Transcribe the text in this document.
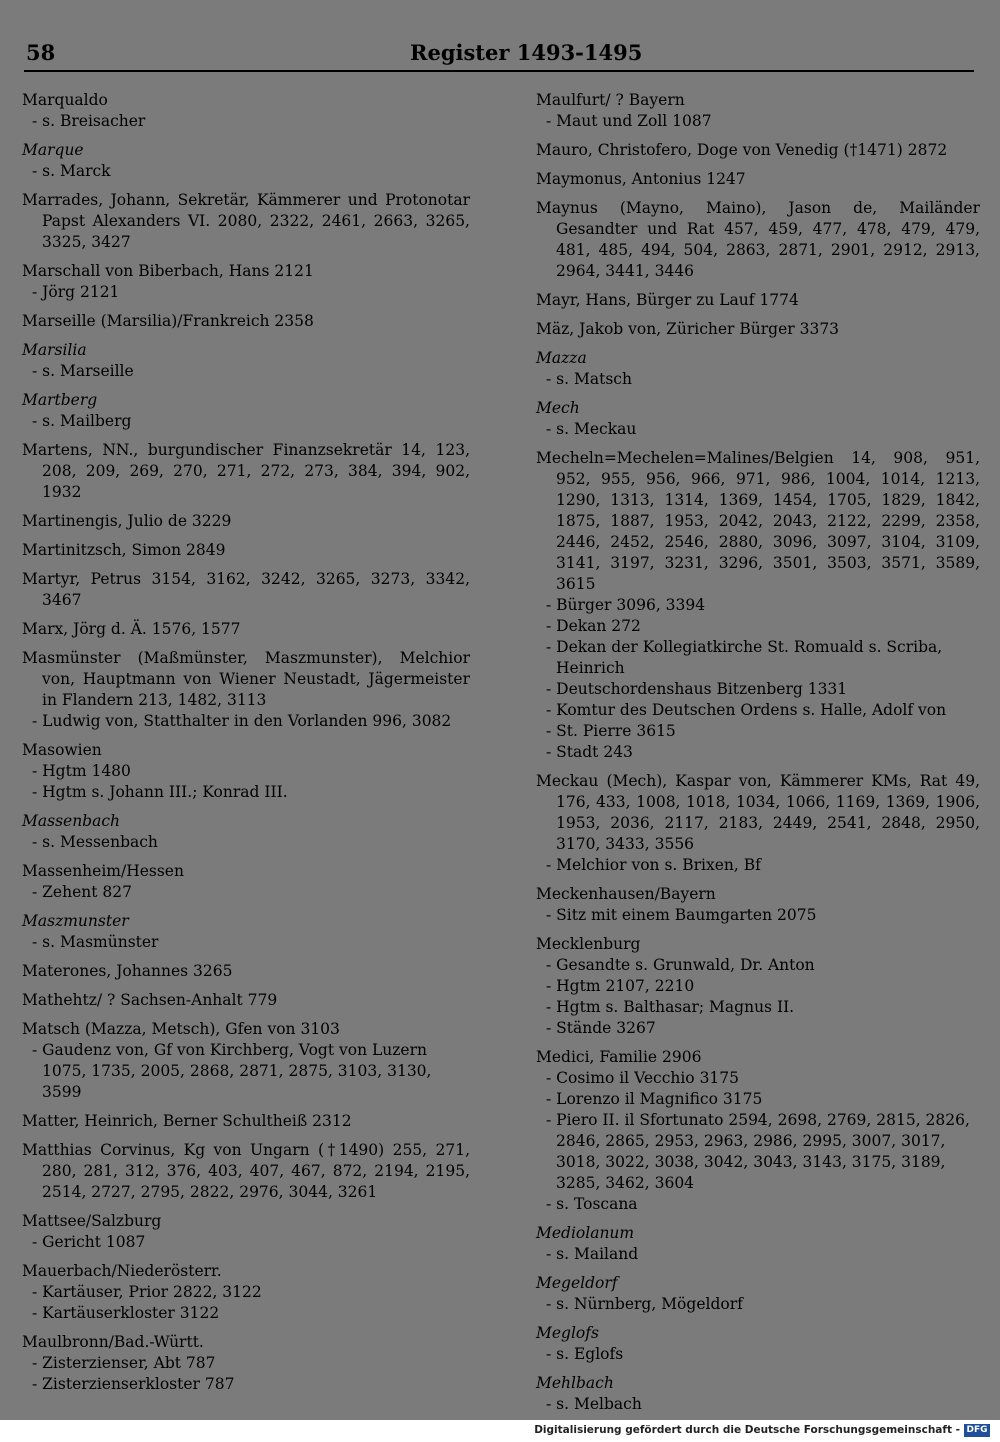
58	Register 1493-1495
Marqualdo
- s. Breisacher
Marque
- s. Marck
Marrades, Johann, Sekretär, Kämmerer und Protonotar Papst Alexanders VI. 2080, 2322, 2461, 2663, 3265, 3325, 3427
Marschall von Biberbach, Hans 2121
- Jörg 2121
Marseille (Marsilia)/Frankreich 2358
Marsilia
- s. Marseille
Martberg
- s. Mailberg
Martens, NN., burgundischer Finanzsekretär 14, 123, 208, 209, 269, 270, 271, 272, 273, 384, 394, 902, 1932
Martinengis, Julio de 3229
Martinitzsch, Simon 2849
Martyr, Petrus 3154, 3162, 3242, 3265, 3273, 3342, 3467
Marx, Jörg d. Ä. 1576, 1577
Masmünster (Maßmünster, Maszmunster), Melchior von, Hauptmann von Wiener Neustadt, Jägermeister in Flandern 213, 1482, 3113
- Ludwig von, Statthalter in den Vorlanden 996, 3082
Masowien
- Hgtm 1480
- Hgtm s. Johann III.; Konrad III.
Massenbach
- s. Messenbach
Massenheim/Hessen
- Zehent 827
Maszmunster
- s. Masmünster
Materones, Johannes 3265
Mathehtz/ ? Sachsen-Anhalt 779
Matsch (Mazza, Metsch), Gfen von 3103
- Gaudenz von, Gf von Kirchberg, Vogt von Luzern 1075, 1735, 2005, 2868, 2871, 2875, 3103, 3130, 3599
Matter, Heinrich, Berner Schultheiß 2312
Matthias Corvinus, Kg von Ungarn (†1490) 255, 271, 280, 281, 312, 376, 403, 407, 467, 872, 2194, 2195, 2514, 2727, 2795, 2822, 2976, 3044, 3261
Mattsee/Salzburg
- Gericht 1087
Mauerbach/Niederösterr.
- Kartäuser, Prior 2822, 3122
- Kartäuserkloster 3122
Maulbronn/Bad.-Württ.
- Zisterzienser, Abt 787
- Zisterzienserkloster 787
Maulfurt/ ? Bayern
- Maut und Zoll 1087
Mauro, Christofero, Doge von Venedig (†1471) 2872
Maymonus, Antonius 1247
Maynus (Mayno, Maino), Jason de, Mailänder Gesandter und Rat 457, 459, 477, 478, 479, 479, 481, 485, 494, 504, 2863, 2871, 2901, 2912, 2913, 2964, 3441, 3446
Mayr, Hans, Bürger zu Lauf 1774
Mäz, Jakob von, Züricher Bürger 3373
Mazza
- s. Matsch
Mech
- s. Meckau
Mecheln=Mechelen=Malines/Belgien 14, 908, 951, 952, 955, 956, 966, 971, 986, 1004, 1014, 1213, 1290, 1313, 1314, 1369, 1454, 1705, 1829, 1842, 1875, 1887, 1953, 2042, 2043, 2122, 2299, 2358, 2446, 2452, 2546, 2880, 3096, 3097, 3104, 3109, 3141, 3197, 3231, 3296, 3501, 3503, 3571, 3589, 3615
- Bürger 3096, 3394
- Dekan 272
- Dekan der Kollegiatkirche St. Romuald s. Scriba, Heinrich
- Deutschordenshaus Bitzenberg 1331
- Komtur des Deutschen Ordens s. Halle, Adolf von
- St. Pierre 3615
- Stadt 243
Meckau (Mech), Kaspar von, Kämmerer KMs, Rat 49, 176, 433, 1008, 1018, 1034, 1066, 1169, 1369, 1906, 1953, 2036, 2117, 2183, 2449, 2541, 2848, 2950, 3170, 3433, 3556
- Melchior von s. Brixen, Bf
Meckenhausen/Bayern
- Sitz mit einem Baumgarten 2075
Mecklenburg
- Gesandte s. Grunwald, Dr. Anton
- Hgtm 2107, 2210
- Hgtm s. Balthasar; Magnus II.
- Stände 3267
Medici, Familie 2906
- Cosimo il Vecchio 3175
- Lorenzo il Magnifico 3175
- Piero II. il Sfortunato 2594, 2698, 2769, 2815, 2826, 2846, 2865, 2953, 2963, 2986, 2995, 3007, 3017, 3018, 3022, 3038, 3042, 3043, 3143, 3175, 3189, 3285, 3462, 3604
- s. Toscana
Mediolanum
- s. Mailand
Megeldorf
- s. Nürnberg, Mögeldorf
Meglofs
- s. Eglofs
Mehlbach
- s. Melbach
Digitalisierung gefördert durch die Deutsche Forschungsgemeinschaft - DFG
